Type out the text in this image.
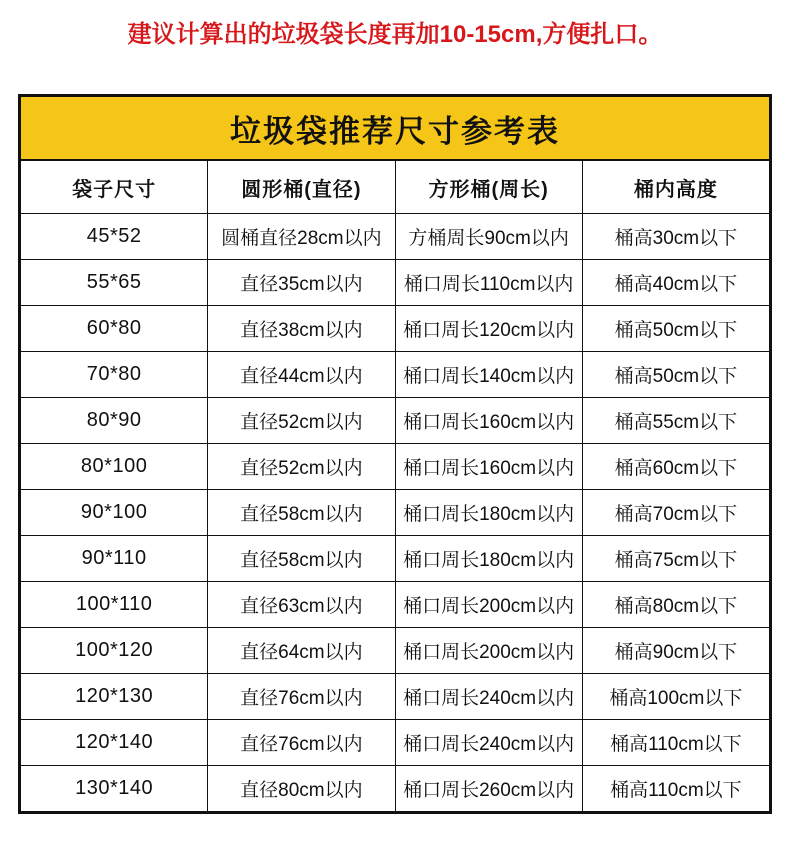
建议计算出的垃圾袋长度再加10-15cm,方便扎口。
垃圾袋推荐尺寸参考表			
袋子尺寸	圆形桶(直径)	方形桶(周长)	桶内高度
45*52	圆桶直径28cm以内	方桶周长90cm以内	桶高30cm以下
55*65	直径35cm以内	桶口周长110cm以内	桶高40cm以下
60*80	直径38cm以内	桶口周长120cm以内	桶高50cm以下
70*80	直径44cm以内	桶口周长140cm以内	桶高50cm以下
80*90	直径52cm以内	桶口周长160cm以内	桶高55cm以下
80*100	直径52cm以内	桶口周长160cm以内	桶高60cm以下
90*100	直径58cm以内	桶口周长180cm以内	桶高70cm以下
90*110	直径58cm以内	桶口周长180cm以内	桶高75cm以下
100*110	直径63cm以内	桶口周长200cm以内	桶高80cm以下
100*120	直径64cm以内	桶口周长200cm以内	桶高90cm以下
120*130	直径76cm以内	桶口周长240cm以内	桶高100cm以下
120*140	直径76cm以内	桶口周长240cm以内	桶高110cm以下
130*140	直径80cm以内	桶口周长260cm以内	桶高110cm以下
